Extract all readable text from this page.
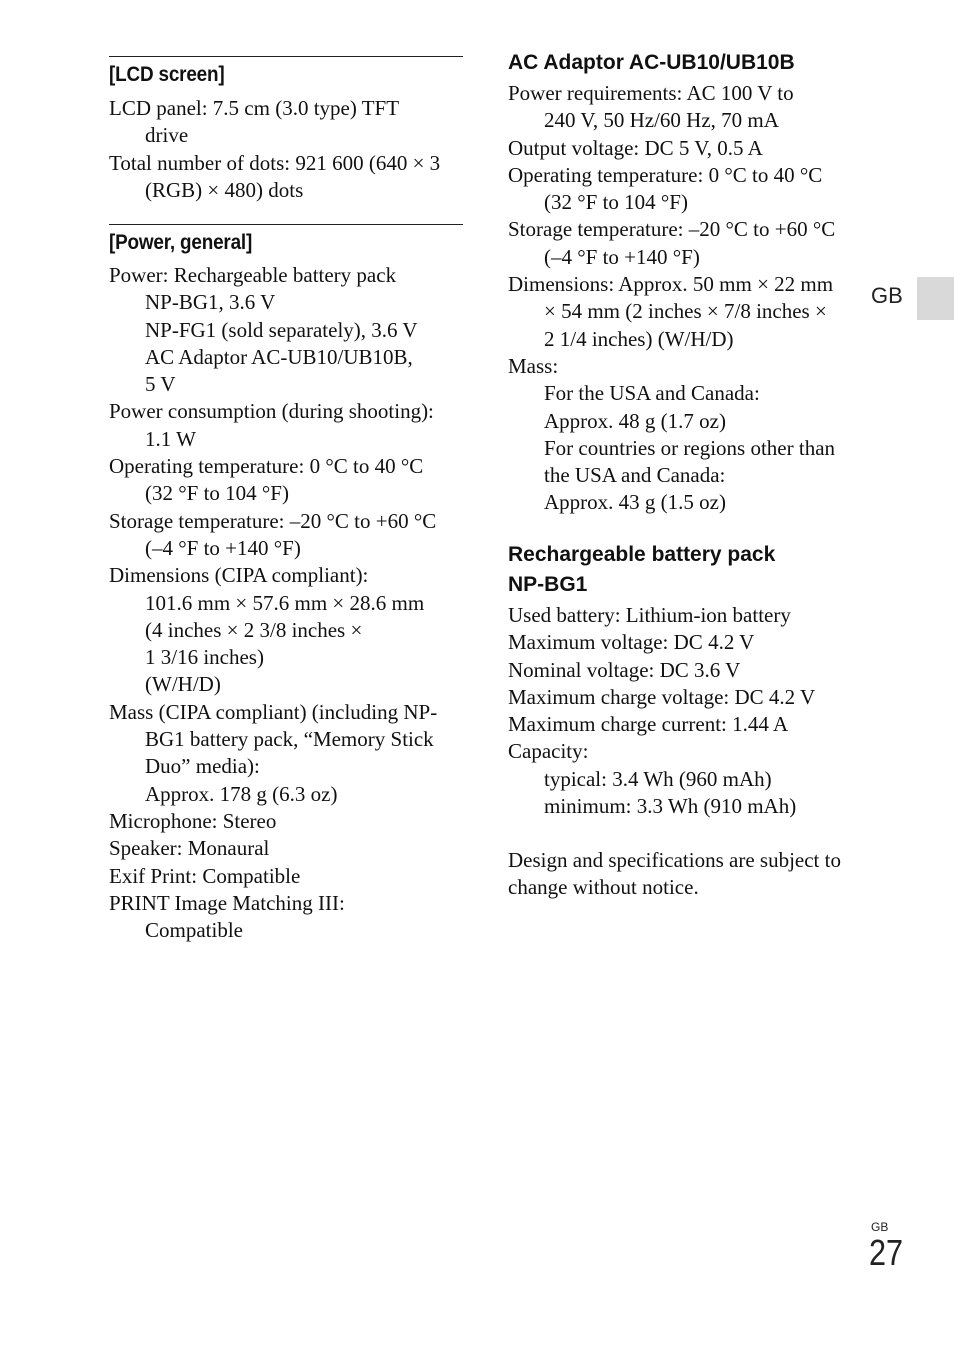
[LCD screen]
LCD panel: 7.5 cm (3.0 type) TFT
drive
Total number of dots: 921 600 (640 × 3
(RGB) × 480) dots
[Power, general]
Power: Rechargeable battery pack
NP-BG1, 3.6 V
NP-FG1 (sold separately), 3.6 V
AC Adaptor AC-UB10/UB10B,
5 V
Power consumption (during shooting):
1.1 W
Operating temperature: 0 °C to 40 °C
(32 °F to 104 °F)
Storage temperature: –20 °C to +60 °C
(–4 °F to +140 °F)
Dimensions (CIPA compliant):
101.6 mm × 57.6 mm × 28.6 mm
(4 inches × 2 3/8 inches ×
1 3/16 inches)
(W/H/D)
Mass (CIPA compliant) (including NP-
BG1 battery pack, “Memory Stick
Duo” media):
Approx. 178 g (6.3 oz)
Microphone: Stereo
Speaker: Monaural
Exif Print: Compatible
PRINT Image Matching III:
Compatible
AC Adaptor AC-UB10/UB10B
Power requirements: AC 100 V to
240 V, 50 Hz/60 Hz, 70 mA
Output voltage: DC 5 V, 0.5 A
Operating temperature: 0 °C to 40 °C
(32 °F to 104 °F)
Storage temperature: –20 °C to +60 °C
(–4 °F to +140 °F)
Dimensions: Approx. 50 mm × 22 mm
× 54 mm (2 inches × 7/8 inches ×
2 1/4 inches) (W/H/D)
Mass:
For the USA and Canada:
Approx. 48 g (1.7 oz)
For countries or regions other than
the USA and Canada:
Approx. 43 g (1.5 oz)
Rechargeable battery pack
NP-BG1
Used battery: Lithium-ion battery
Maximum voltage: DC 4.2 V
Nominal voltage: DC 3.6 V
Maximum charge voltage: DC 4.2 V
Maximum charge current: 1.44 A
Capacity:
typical: 3.4 Wh (960 mAh)
minimum: 3.3 Wh (910 mAh)
Design and specifications are subject to
change without notice.
GB
GB
27
